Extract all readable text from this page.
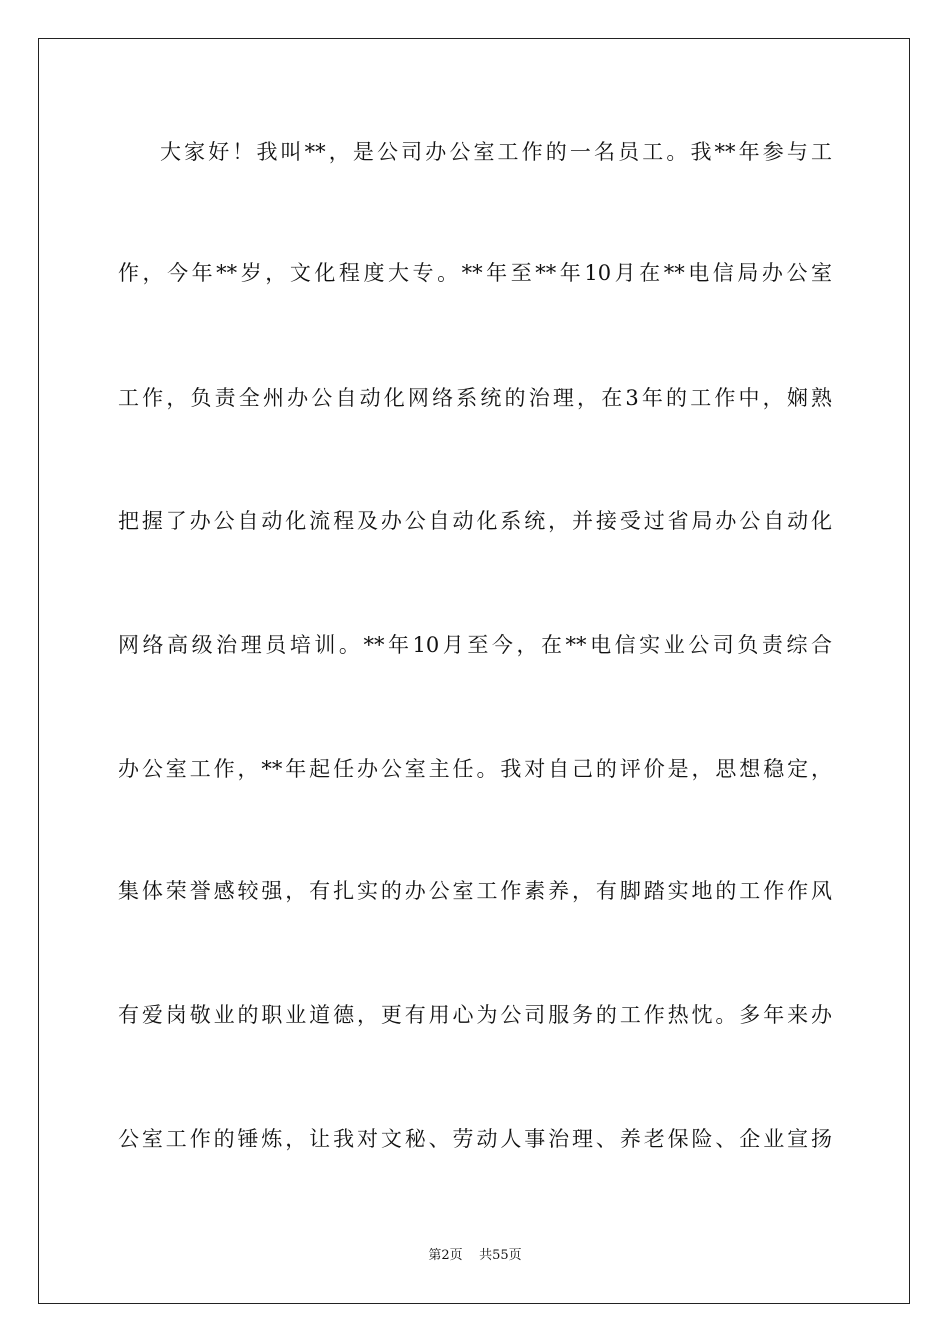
大家好！我叫**，是公司办公室工作的一名员工。我**年参与工
作，今年**岁，文化程度大专。**年至**年10月在**电信局办公室
工作，负责全州办公自动化网络系统的治理，在3年的工作中，娴熟
把握了办公自动化流程及办公自动化系统，并接受过省局办公自动化
网络高级治理员培训。**年10月至今，在**电信实业公司负责综合
办公室工作，**年起任办公室主任。我对自己的评价是，思想稳定，
集体荣誉感较强，有扎实的办公室工作素养，有脚踏实地的工作作风
有爱岗敬业的职业道德，更有用心为公司服务的工作热忱。多年来办
公室工作的锤炼，让我对文秘、劳动人事治理、养老保险、企业宣扬
第2页 共55页
